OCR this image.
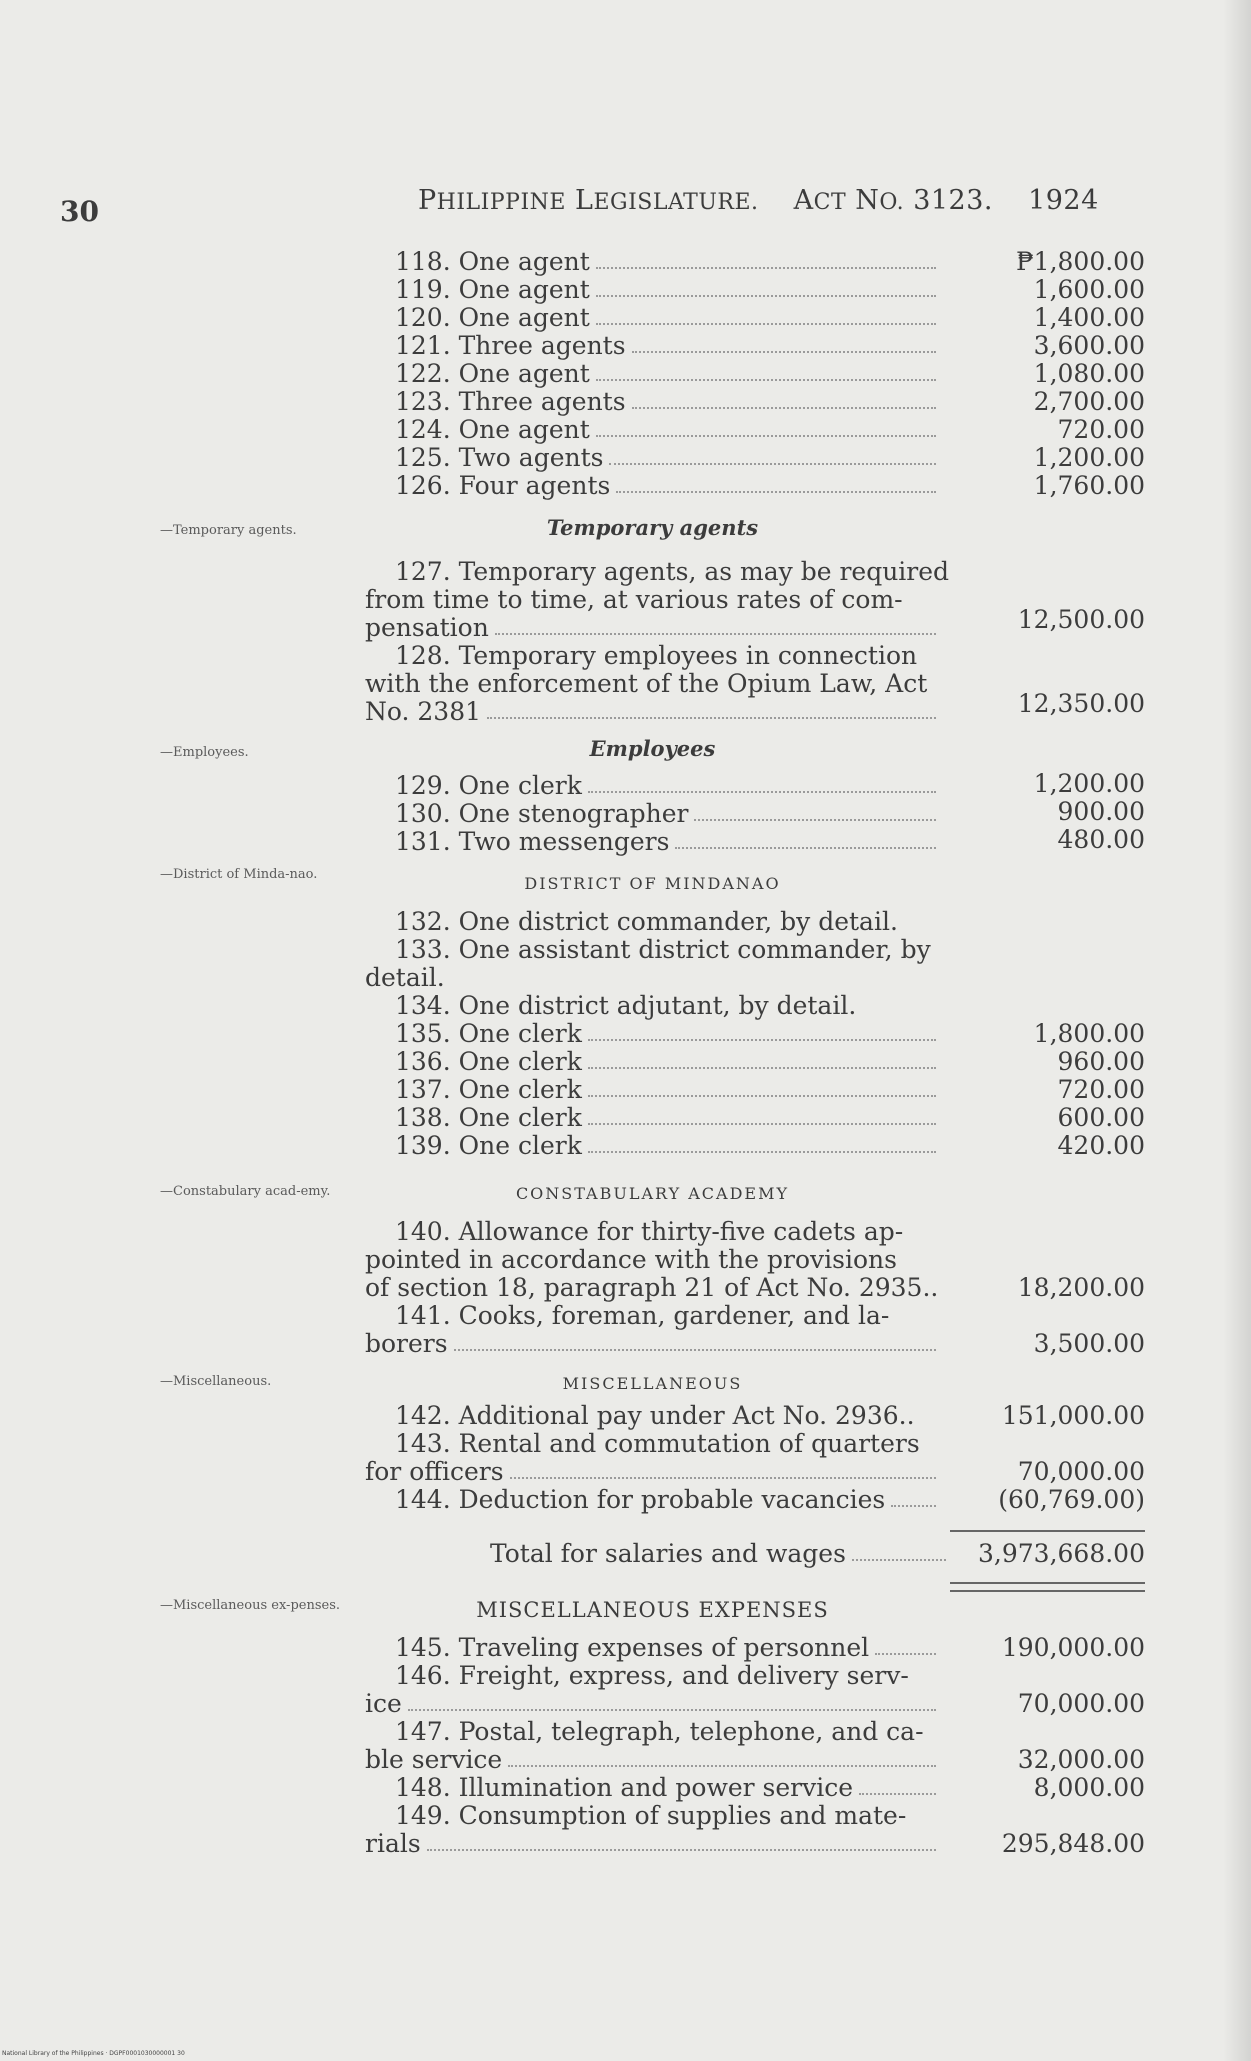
30	PHILIPPINE LEGISLATURE. ACT NO. 3123. 1924
118. One agent	₱1,800.00
119. One agent	1,600.00
120. One agent	1,400.00
121. Three agents	3,600.00
122. One agent	1,080.00
123. Three agents	2,700.00
124. One agent	720.00
125. Two agents	1,200.00
126. Four agents	1,760.00
—Temporary agents.	Temporary agents
127. Temporary agents, as may be required
from time to time, at various rates of com-
pensation	12,500.00
128. Temporary employees in connection
with the enforcement of the Opium Law, Act
No. 2381	12,350.00
—Employees.	Employees
129. One clerk	1,200.00
130. One stenographer	900.00
131. Two messengers	480.00
—District of Minda-nao.	DISTRICT OF MINDANAO
132. One district commander, by detail.
133. One assistant district commander, by
detail.
134. One district adjutant, by detail.
135. One clerk	1,800.00
136. One clerk	960.00
137. One clerk	720.00
138. One clerk	600.00
139. One clerk	420.00
—Constabulary acad-emy.	CONSTABULARY ACADEMY
140. Allowance for thirty-five cadets ap-
pointed in accordance with the provisions
of section 18, paragraph 21 of Act No. 2935..	18,200.00
141. Cooks, foreman, gardener, and la-
borers	3,500.00
—Miscellaneous.	MISCELLANEOUS
142. Additional pay under Act No. 2936..	151,000.00
143. Rental and commutation of quarters
for officers	70,000.00
144. Deduction for probable vacancies	(60,769.00)
Total for salaries and wages	3,973,668.00
—Miscellaneous ex-penses.	MISCELLANEOUS EXPENSES
145. Traveling expenses of personnel	190,000.00
146. Freight, express, and delivery serv-
ice	70,000.00
147. Postal, telegraph, telephone, and ca-
ble service	32,000.00
148. Illumination and power service	8,000.00
149. Consumption of supplies and mate-
rials	295,848.00
National Library of the Philippines · DGPF0001030000001 30
